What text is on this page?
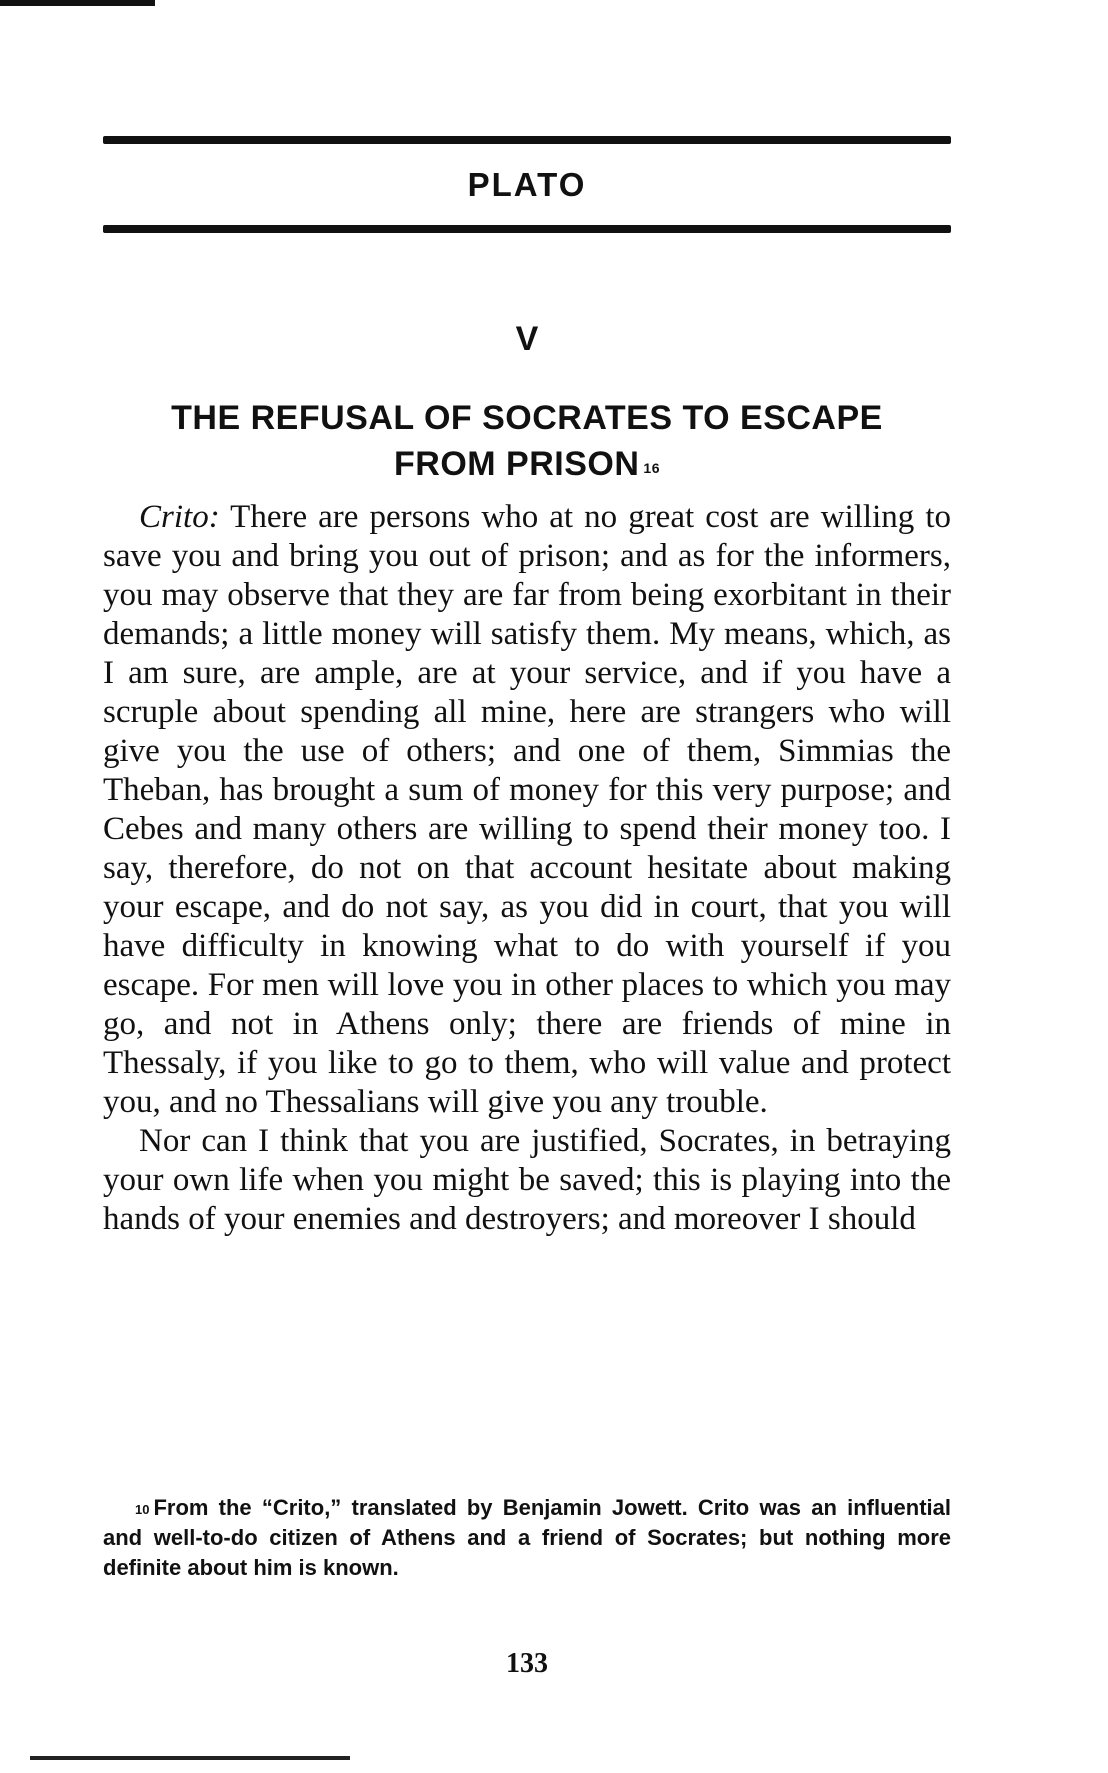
PLATO
V
THE REFUSAL OF SOCRATES TO ESCAPE
FROM PRISON $^{16}$

Crito: There are persons who at no great cost are willing to save you and bring you out of prison; and as for the informers, you may observe that they are far from being exorbitant in their demands; a little money will satisfy them. My means, which, as I am sure, are ample, are at your service, and if you have a scruple about spending all mine, here are strangers who will give you the use of others; and one of them, Simmias the Theban, has brought a sum of money for this very purpose; and Cebes and many others are willing to spend their money too. I say, therefore, do not on that account hesitate about making your escape, and do not say, as you did in court, that you will have difficulty in knowing what to do with yourself if you escape. For men will love you in other places to which you may go, and not in Athens only; there are friends of mine in Thessaly, if you like to go to them, who will value and protect you, and no Thessalians will give you any trouble.

Nor can I think that you are justified, Socrates, in betraying your own life when you might be saved; this is playing into the hands of your enemies and destroyers; and moreover I should

$^{10}$ From the “Crito,” translated by Benjamin Jowett. Crito was an influential and well-to-do citizen of Athens and a friend of Socrates; but nothing more definite about him is known.
133
